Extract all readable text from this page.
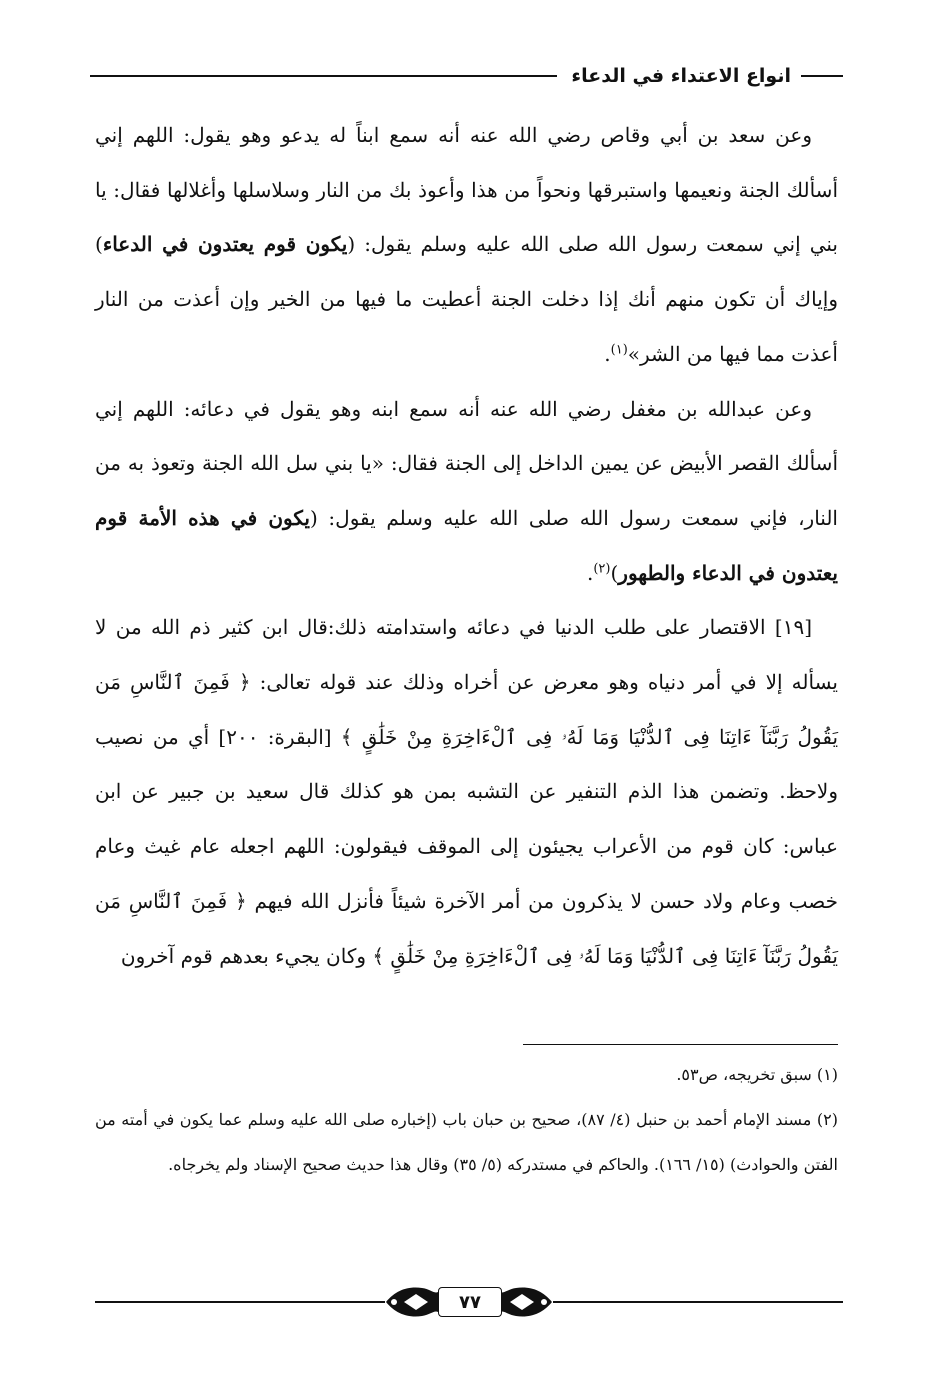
انواع الاعتداء في الدعاء

وعن سعد بن أبي وقاص رضي الله عنه أنه سمع ابناً له يدعو وهو يقول: اللهم إني أسألك الجنة ونعيمها واستبرقها ونحواً من هذا وأعوذ بك من النار وسلاسلها وأغلالها فقال: يا بني إني سمعت رسول الله صلى الله عليه وسلم يقول: (يكون قوم يعتدون في الدعاء) وإياك أن تكون منهم أنك إذا دخلت الجنة أعطيت ما فيها من الخير وإن أعذت من النار أعذت مما فيها من الشر»$^{(١)}$.

وعن عبدالله بن مغفل رضي الله عنه أنه سمع ابنه وهو يقول في دعائه: اللهم إني أسألك القصر الأبيض عن يمين الداخل إلى الجنة فقال: «يا بني سل الله الجنة وتعوذ به من النار، فإني سمعت رسول الله صلى الله عليه وسلم يقول: (يكون في هذه الأمة قوم يعتدون في الدعاء والطهور)$^{(٢)}$.

[١٩] الاقتصار على طلب الدنيا في دعائه واستدامته ذلك:قال ابن كثير ذم الله من لا يسأله إلا في أمر دنياه وهو معرض عن أخراه وذلك عند قوله تعالى: ﴿ فَمِنَ ٱلنَّاسِ مَن يَقُولُ رَبَّنَآ ءَاتِنَا فِى ٱلدُّنْيَا وَمَا لَهُۥ فِى ٱلْءَاخِرَةِ مِنْ خَلَٰقٍ ﴾ [البقرة: ٢٠٠] أي من نصيب ولاحظ. وتضمن هذا الذم التنفير عن التشبه بمن هو كذلك قال سعيد بن جبير عن ابن عباس: كان قوم من الأعراب يجيئون إلى الموقف فيقولون: اللهم اجعله عام غيث وعام خصب وعام ولاد حسن لا يذكرون من أمر الآخرة شيئاً فأنزل الله فيهم ﴿ فَمِنَ ٱلنَّاسِ مَن يَقُولُ رَبَّنَآ ءَاتِنَا فِى ٱلدُّنْيَا وَمَا لَهُۥ فِى ٱلْءَاخِرَةِ مِنْ خَلَٰقٍ ﴾ وكان يجيء بعدهم قوم آخرون

(١) سبق تخريجه، ص٥٣.

(٢) مسند الإمام أحمد بن حنبل (٤/ ٨٧)، صحيح بن حبان باب (إخباره صلى الله عليه وسلم عما يكون في أمته من الفتن والحوادث) (١٥/ ١٦٦). والحاكم في مستدركه (٥/ ٣٥) وقال هذا حديث صحيح الإسناد ولم يخرجاه.

٧٧
